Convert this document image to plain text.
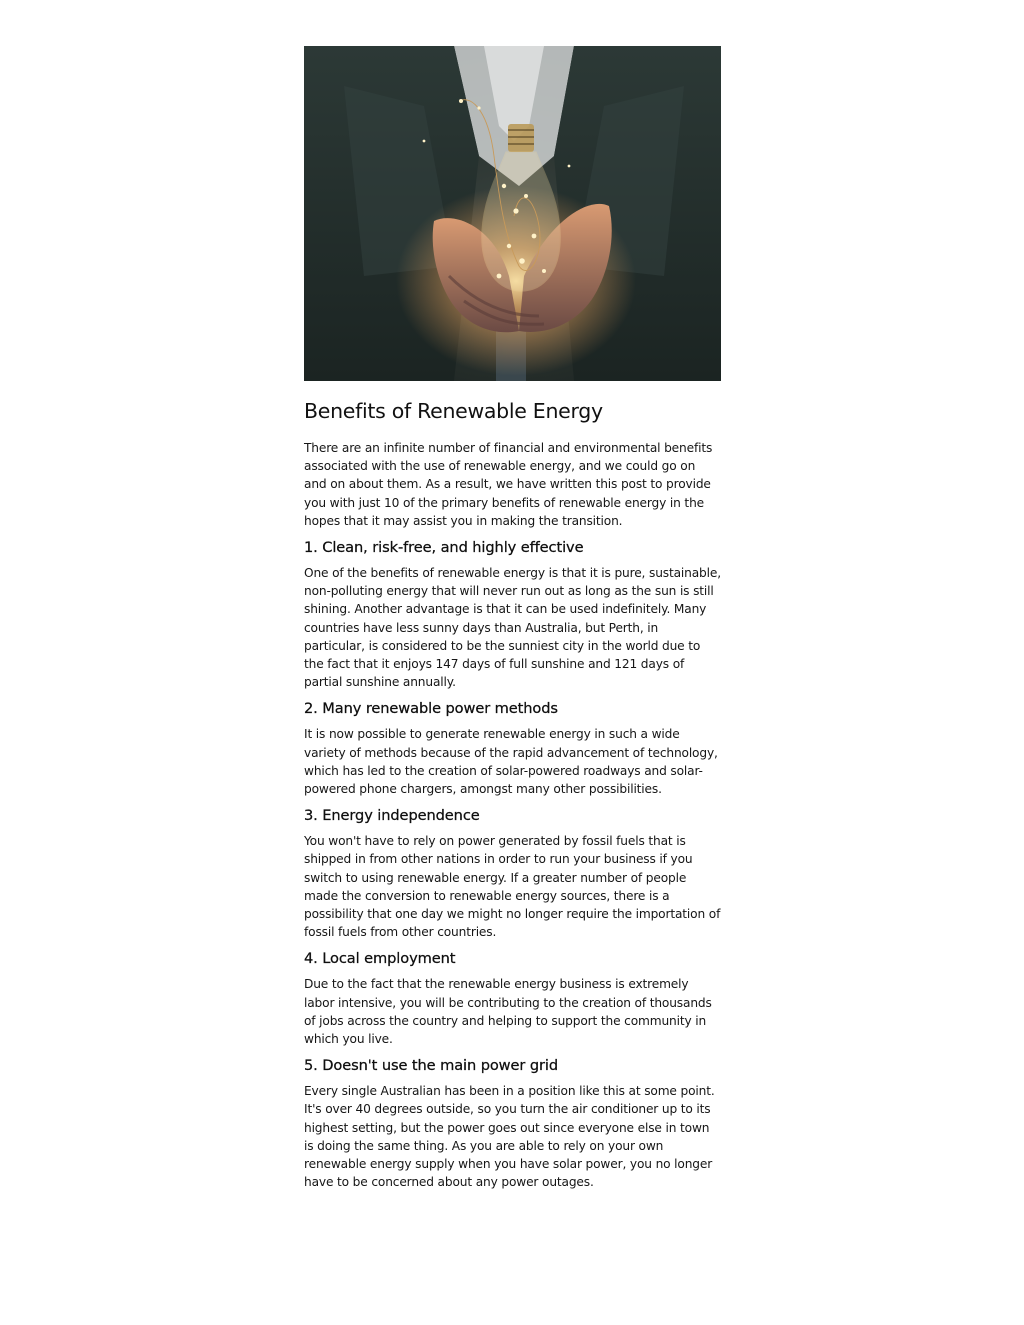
Benefits of Renewable Energy

There are an infinite number of financial and environmental benefits associated with the use of renewable energy, and we could go on and on about them. As a result, we have written this post to provide you with just 10 of the primary benefits of renewable energy in the hopes that it may assist you in making the transition.

1. Clean, risk-free, and highly effective

One of the benefits of renewable energy is that it is pure, sustainable, non-polluting energy that will never run out as long as the sun is still shining. Another advantage is that it can be used indefinitely. Many countries have less sunny days than Australia, but Perth, in particular, is considered to be the sunniest city in the world due to the fact that it enjoys 147 days of full sunshine and 121 days of partial sunshine annually.

2. Many renewable power methods

It is now possible to generate renewable energy in such a wide variety of methods because of the rapid advancement of technology, which has led to the creation of solar-powered roadways and solar-powered phone chargers, amongst many other possibilities.

3. Energy independence

You won't have to rely on power generated by fossil fuels that is shipped in from other nations in order to run your business if you switch to using renewable energy. If a greater number of people made the conversion to renewable energy sources, there is a possibility that one day we might no longer require the importation of fossil fuels from other countries.

4. Local employment

Due to the fact that the renewable energy business is extremely labor intensive, you will be contributing to the creation of thousands of jobs across the country and helping to support the community in which you live.

5. Doesn't use the main power grid

Every single Australian has been in a position like this at some point. It's over 40 degrees outside, so you turn the air conditioner up to its highest setting, but the power goes out since everyone else in town is doing the same thing. As you are able to rely on your own renewable energy supply when you have solar power, you no longer have to be concerned about any power outages.
